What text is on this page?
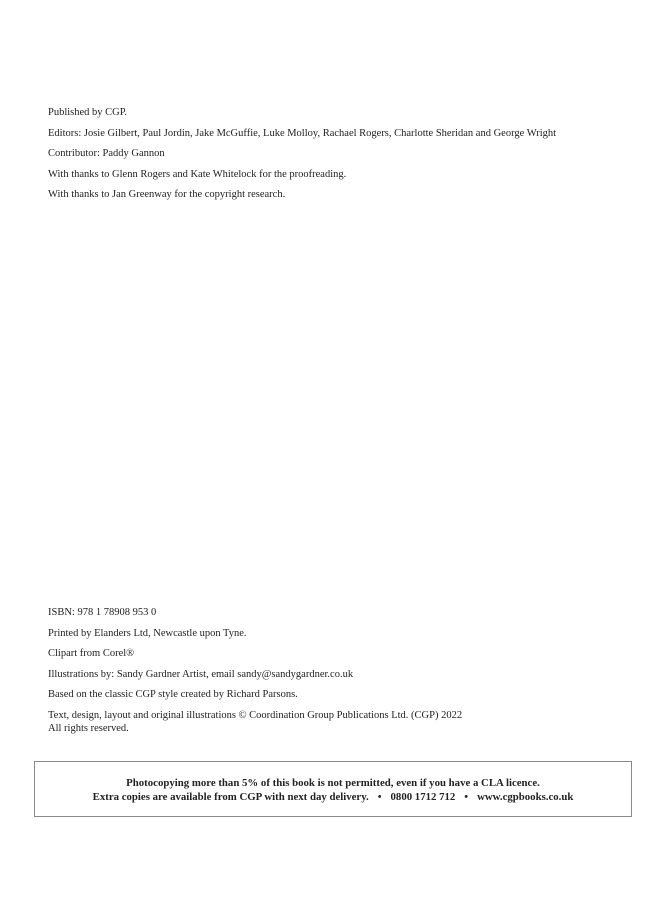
Published by CGP.
Editors: Josie Gilbert, Paul Jordin, Jake McGuffie, Luke Molloy, Rachael Rogers, Charlotte Sheridan and George Wright
Contributor: Paddy Gannon
With thanks to Glenn Rogers and Kate Whitelock for the proofreading.
With thanks to Jan Greenway for the copyright research.
ISBN: 978 1 78908 953 0
Printed by Elanders Ltd, Newcastle upon Tyne.
Clipart from Corel®
Illustrations by: Sandy Gardner Artist, email sandy@sandygardner.co.uk
Based on the classic CGP style created by Richard Parsons.
Text, design, layout and original illustrations © Coordination Group Publications Ltd. (CGP) 2022
All rights reserved.
Photocopying more than 5% of this book is not permitted, even if you have a CLA licence.
Extra copies are available from CGP with next day delivery. • 0800 1712 712 • www.cgpbooks.co.uk
